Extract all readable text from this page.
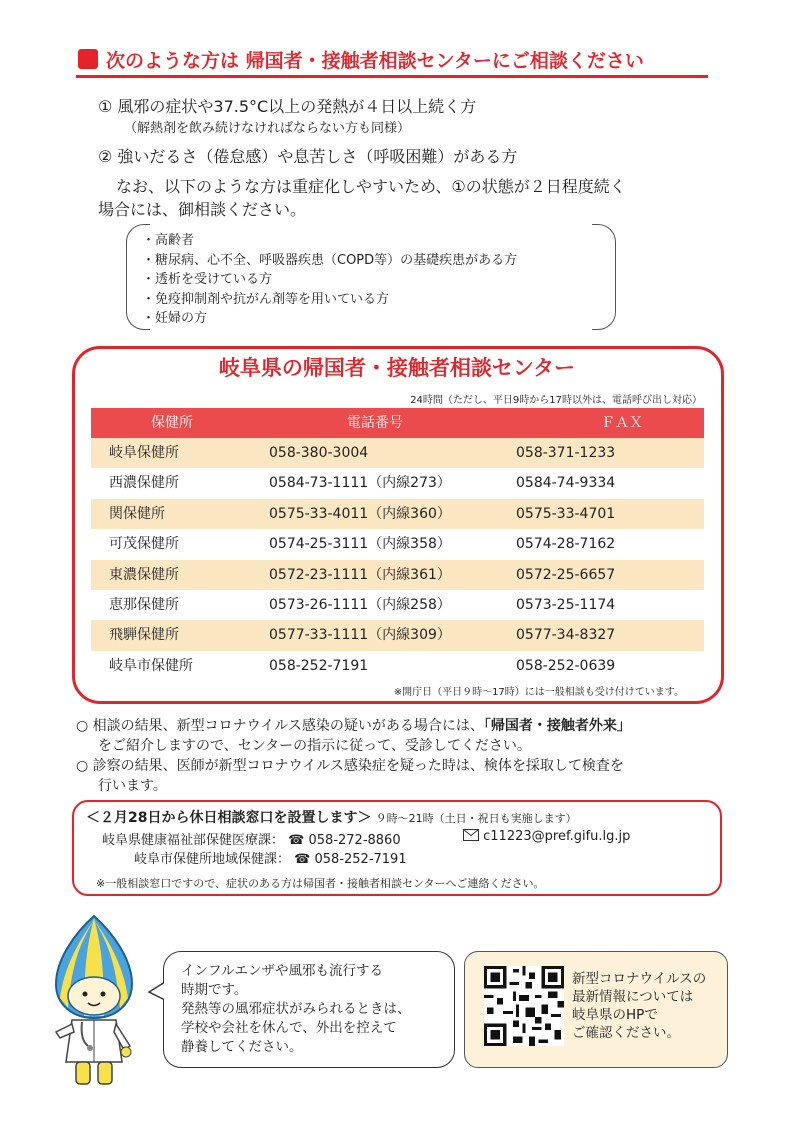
次のような方は 帰国者・接触者相談センターにご相談ください
① 風邪の症状や37.5°C以上の発熱が４日以上続く方
（解熱剤を飲み続けなければならない方も同様）
② 強いだるさ（倦怠感）や息苦しさ（呼吸困難）がある方
なお、以下のような方は重症化しやすいため、①の状態が２日程度続く
場合には、御相談ください。
・高齢者
・糖尿病、心不全、呼吸器疾患（COPD等）の基礎疾患がある方
・透析を受けている方
・免疫抑制剤や抗がん剤等を用いている方
・妊婦の方
岐阜県の帰国者・接触者相談センター
24時間（ただし、平日9時から17時以外は、電話呼び出し対応）
保健所	電話番号	ＦＡＸ
岐阜保健所	058-380-3004	058-371-1233
西濃保健所	0584-73-1111（内線273）	0584-74-9334
関保健所	0575-33-4011（内線360）	0575-33-4701
可茂保健所	0574-25-3111（内線358）	0574-28-7162
東濃保健所	0572-23-1111（内線361）	0572-25-6657
恵那保健所	0573-26-1111（内線258）	0573-25-1174
飛騨保健所	0577-33-1111（内線309）	0577-34-8327
岐阜市保健所	058-252-7191	058-252-0639
※開庁日（平日９時～17時）には一般相談も受け付けています。

○ 相談の結果、新型コロナウイルス感染の疑いがある場合には、「帰国者・接触者外来」

をご紹介しますので、センターの指示に従って、受診してください。

○ 診察の結果、医師が新型コロナウイルス感染症を疑った時は、検体を採取して検査を

行います。

＜２月28日から休日相談窓口を設置します＞ ９時～21時（土日・祝日も実施します）
岐阜県健康福祉部保健医療課： ☎ 058-272-8860	c11223@pref.gifu.lg.jp
岐阜市保健所地域保健課： ☎ 058-252-7191
※一般相談窓口ですので、症状のある方は帰国者・接触者相談センターへご連絡ください。
インフルエンザや風邪も流行する
時期です。
発熱等の風邪症状がみられるときは、
学校や会社を休んで、外出を控えて
静養してください。
新型コロナウイルスの
最新情報については
岐阜県のHPで
ご確認ください。
